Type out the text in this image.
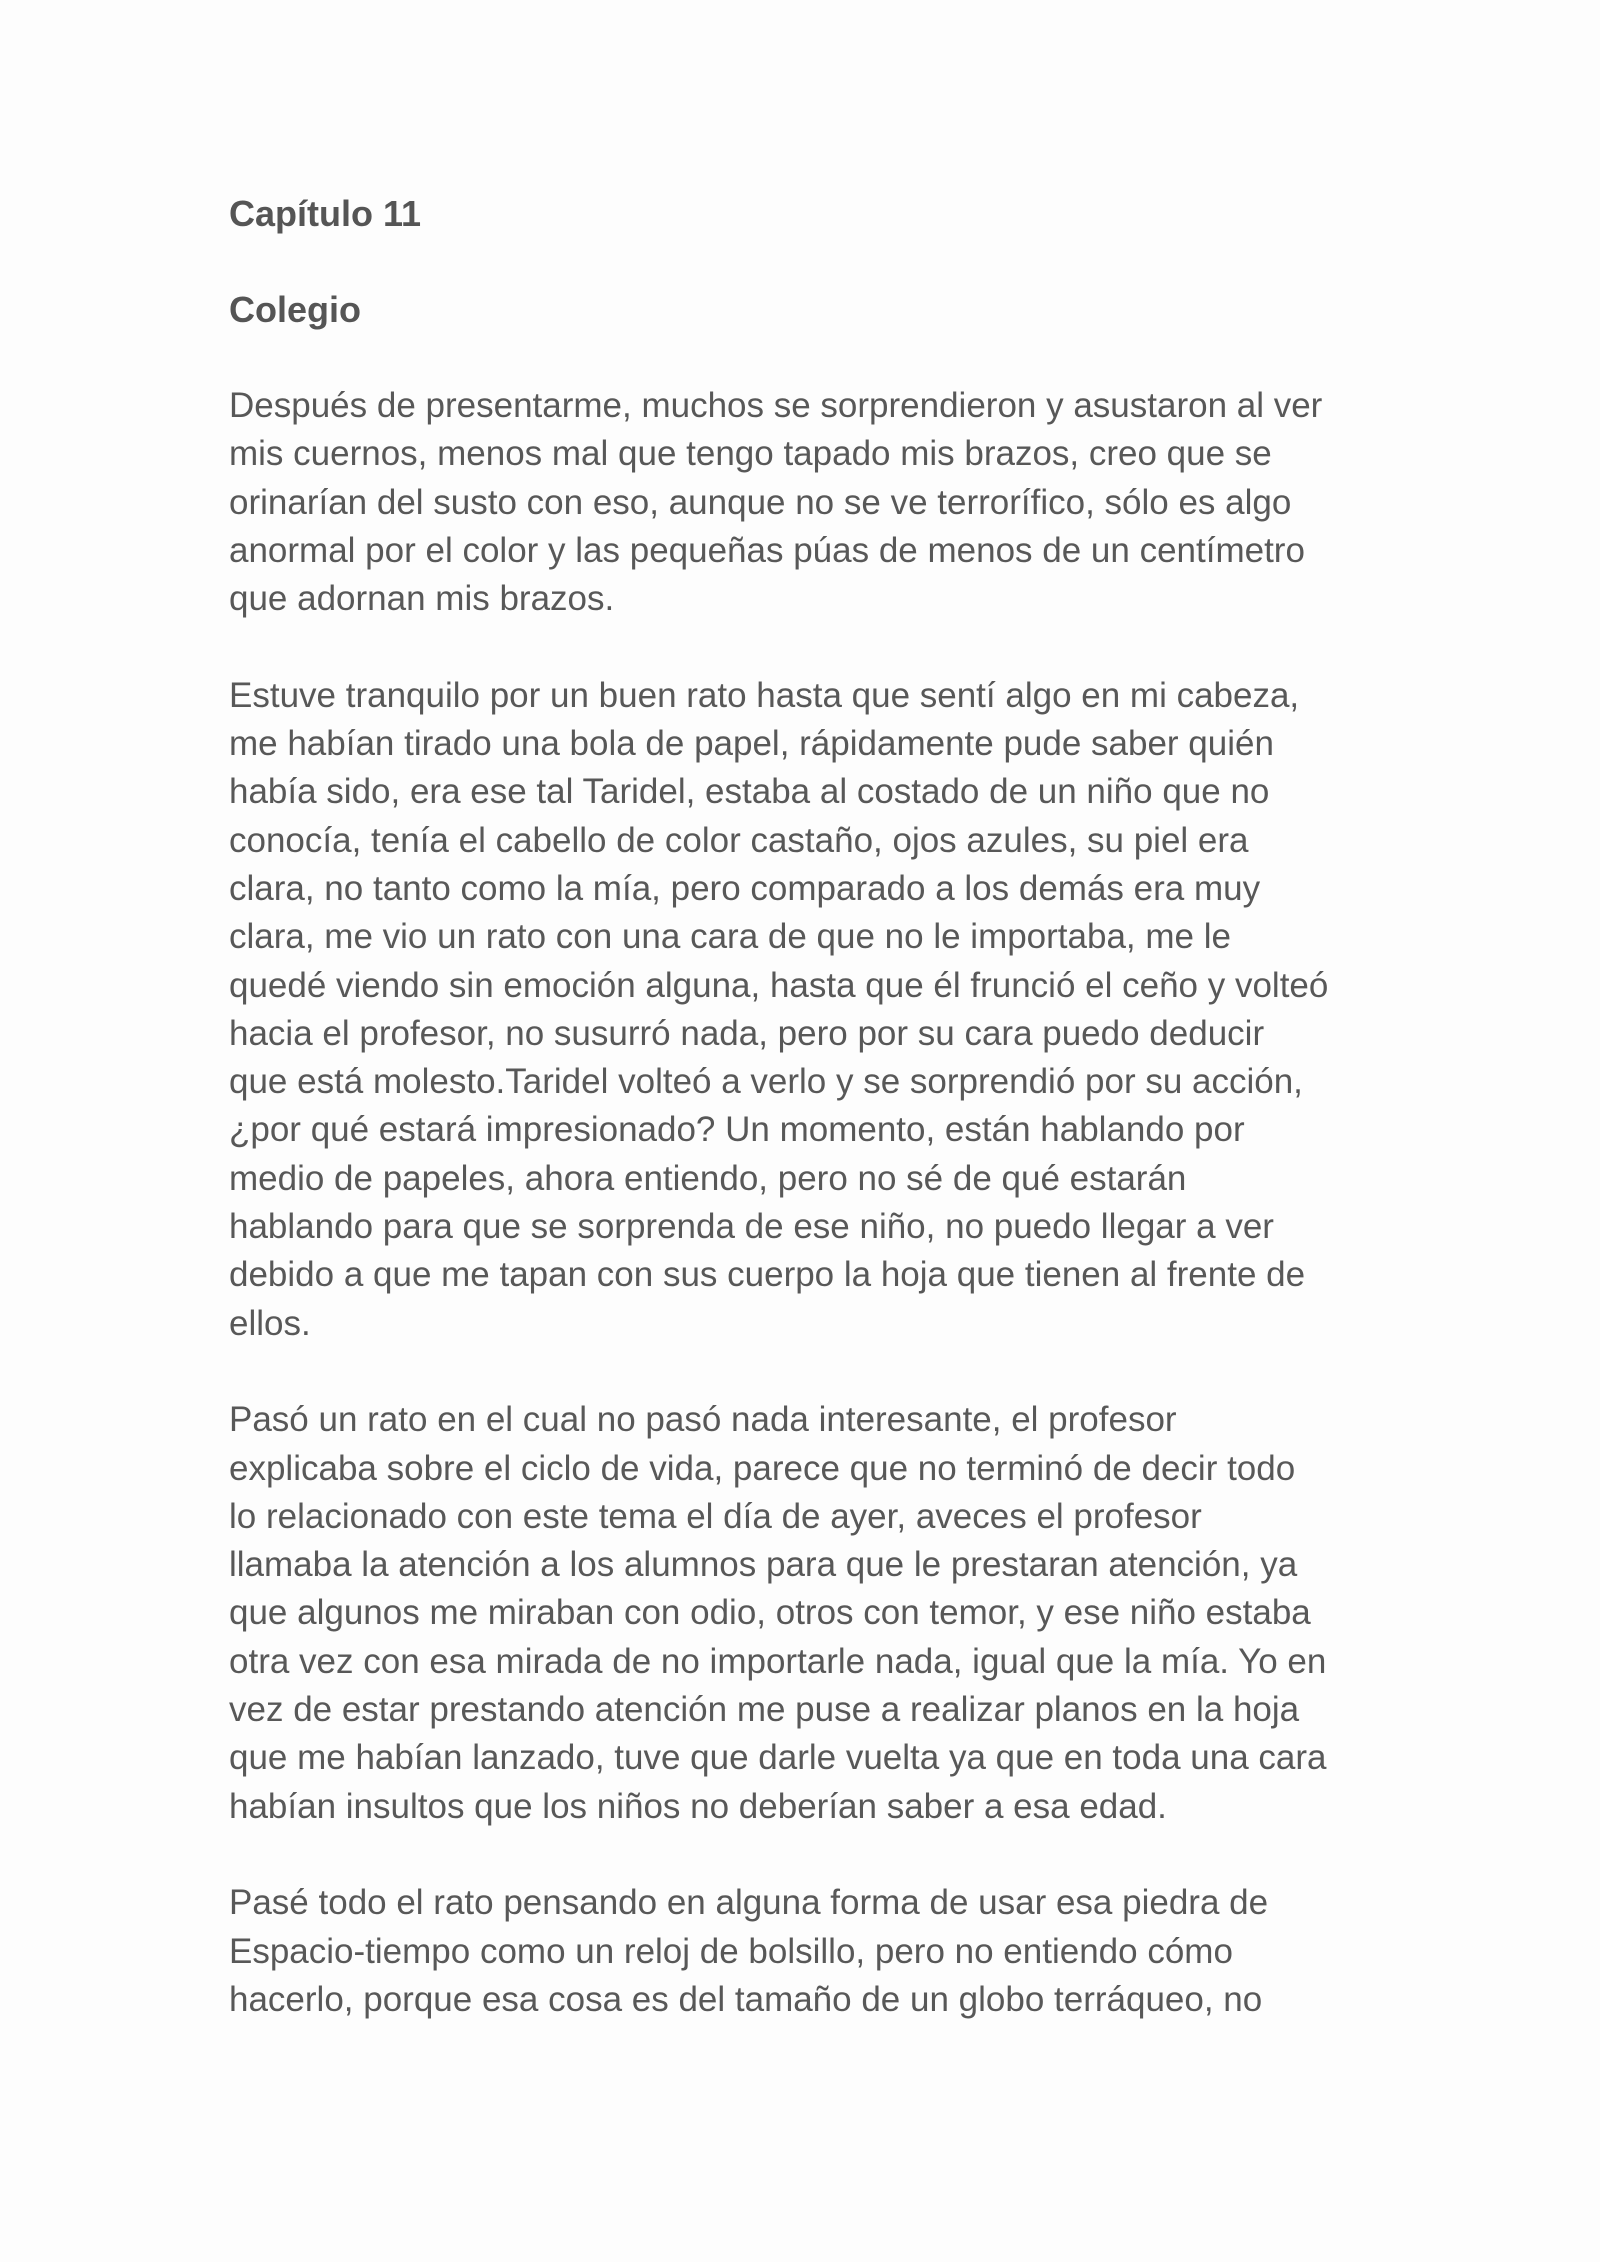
Capítulo 11
Colegio
Después de presentarme, muchos se sorprendieron y asustaron al ver
mis cuernos, menos mal que tengo tapado mis brazos, creo que se
orinarían del susto con eso, aunque no se ve terrorífico, sólo es algo
anormal por el color y las pequeñas púas de menos de un centímetro
que adornan mis brazos.
Estuve tranquilo por un buen rato hasta que sentí algo en mi cabeza,
me habían tirado una bola de papel, rápidamente pude saber quién
había sido, era ese tal Taridel, estaba al costado de un niño que no
conocía, tenía el cabello de color castaño, ojos azules, su piel era
clara, no tanto como la mía, pero comparado a los demás era muy
clara, me vio un rato con una cara de que no le importaba, me le
quedé viendo sin emoción alguna, hasta que él frunció el ceño y volteó
hacia el profesor, no susurró nada, pero por su cara puedo deducir
que está molesto.Taridel volteó a verlo y se sorprendió por su acción,
¿por qué estará impresionado? Un momento, están hablando por
medio de papeles, ahora entiendo, pero no sé de qué estarán
hablando para que se sorprenda de ese niño, no puedo llegar a ver
debido a que me tapan con sus cuerpo la hoja que tienen al frente de
ellos.
Pasó un rato en el cual no pasó nada interesante, el profesor
explicaba sobre el ciclo de vida, parece que no terminó de decir todo
lo relacionado con este tema el día de ayer, aveces el profesor
llamaba la atención a los alumnos para que le prestaran atención, ya
que algunos me miraban con odio, otros con temor, y ese niño estaba
otra vez con esa mirada de no importarle nada, igual que la mía. Yo en
vez de estar prestando atención me puse a realizar planos en la hoja
que me habían lanzado, tuve que darle vuelta ya que en toda una cara
habían insultos que los niños no deberían saber a esa edad.
Pasé todo el rato pensando en alguna forma de usar esa piedra de
Espacio-tiempo como un reloj de bolsillo, pero no entiendo cómo
hacerlo, porque esa cosa es del tamaño de un globo terráqueo, no
